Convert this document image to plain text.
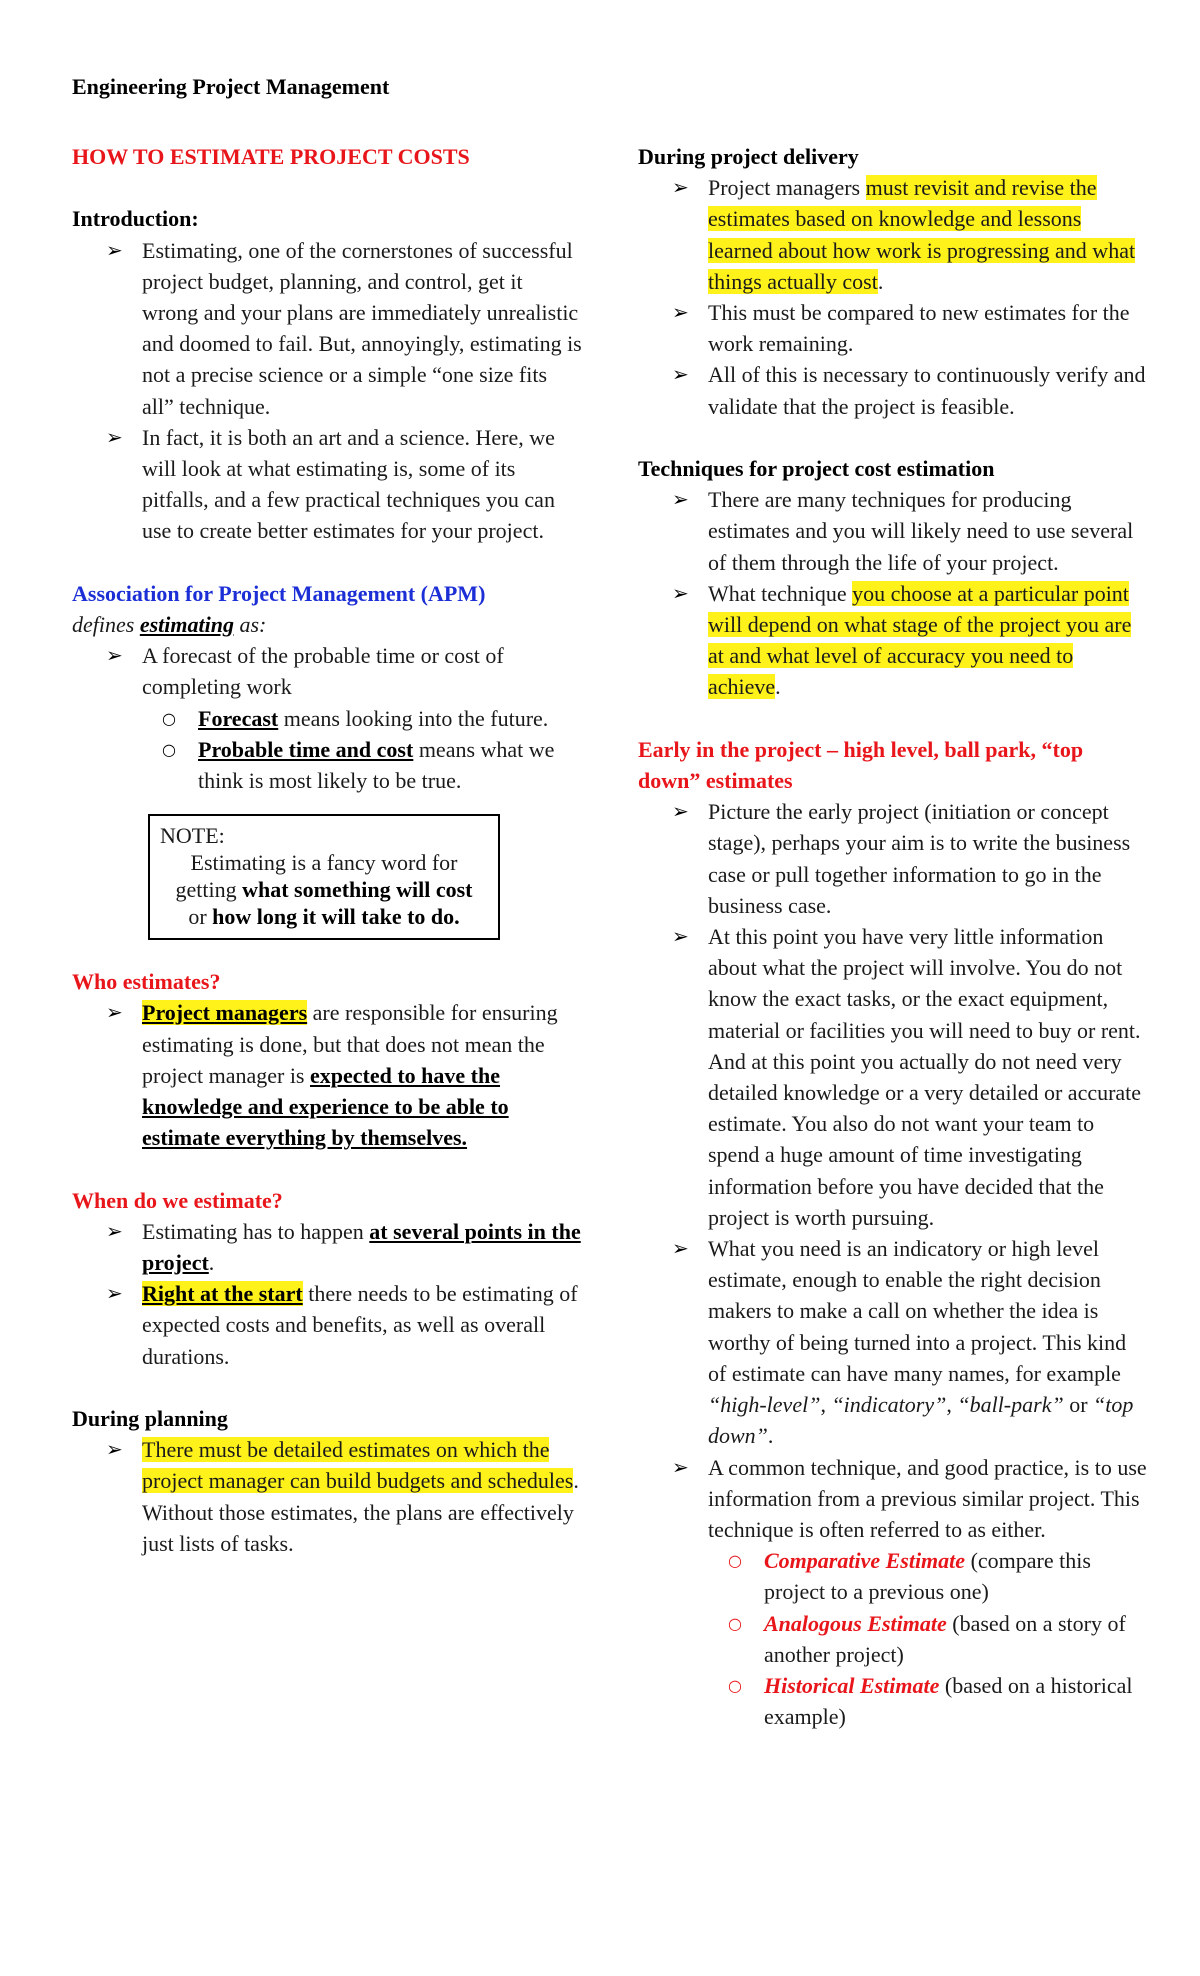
Engineering Project Management
HOW TO ESTIMATE PROJECT COSTS
Introduction:
➢ Estimating, one of the cornerstones of successful project budget, planning, and control, get it wrong and your plans are immediately unrealistic and doomed to fail. But, annoyingly, estimating is not a precise science or a simple “one size fits all” technique.
➢ In fact, it is both an art and a science. Here, we will look at what estimating is, some of its pitfalls, and a few practical techniques you can use to create better estimates for your project.
Association for Project Management (APM)
defines estimating as:
➢ A forecast of the probable time or cost of completing work
○ Forecast means looking into the future.
○ Probable time and cost means what we think is most likely to be true.
NOTE:
Estimating is a fancy word for
getting what something will cost
or how long it will take to do.
Who estimates?
➢ Project managers are responsible for ensuring estimating is done, but that does not mean the project manager is expected to have the knowledge and experience to be able to estimate everything by themselves.
When do we estimate?
➢ Estimating has to happen at several points in the project.
➢ Right at the start there needs to be estimating of expected costs and benefits, as well as overall durations.
During planning
➢ There must be detailed estimates on which the project manager can build budgets and schedules. Without those estimates, the plans are effectively just lists of tasks.
During project delivery
➢ Project managers must revisit and revise the estimates based on knowledge and lessons learned about how work is progressing and what things actually cost.
➢ This must be compared to new estimates for the work remaining.
➢ All of this is necessary to continuously verify and validate that the project is feasible.
Techniques for project cost estimation
➢ There are many techniques for producing estimates and you will likely need to use several of them through the life of your project.
➢ What technique you choose at a particular point will depend on what stage of the project you are at and what level of accuracy you need to achieve.
Early in the project – high level, ball park, “top down” estimates
➢ Picture the early project (initiation or concept stage), perhaps your aim is to write the business case or pull together information to go in the business case.
➢ At this point you have very little information about what the project will involve. You do not know the exact tasks, or the exact equipment, material or facilities you will need to buy or rent. And at this point you actually do not need very detailed knowledge or a very detailed or accurate estimate. You also do not want your team to spend a huge amount of time investigating information before you have decided that the project is worth pursuing.
➢ What you need is an indicatory or high level estimate, enough to enable the right decision makers to make a call on whether the idea is worthy of being turned into a project. This kind of estimate can have many names, for example “high-level”, “indicatory”, “ball-park” or “top down”.
➢ A common technique, and good practice, is to use information from a previous similar project. This technique is often referred to as either.
○ Comparative Estimate (compare this project to a previous one)
○ Analogous Estimate (based on a story of another project)
○ Historical Estimate (based on a historical example)
